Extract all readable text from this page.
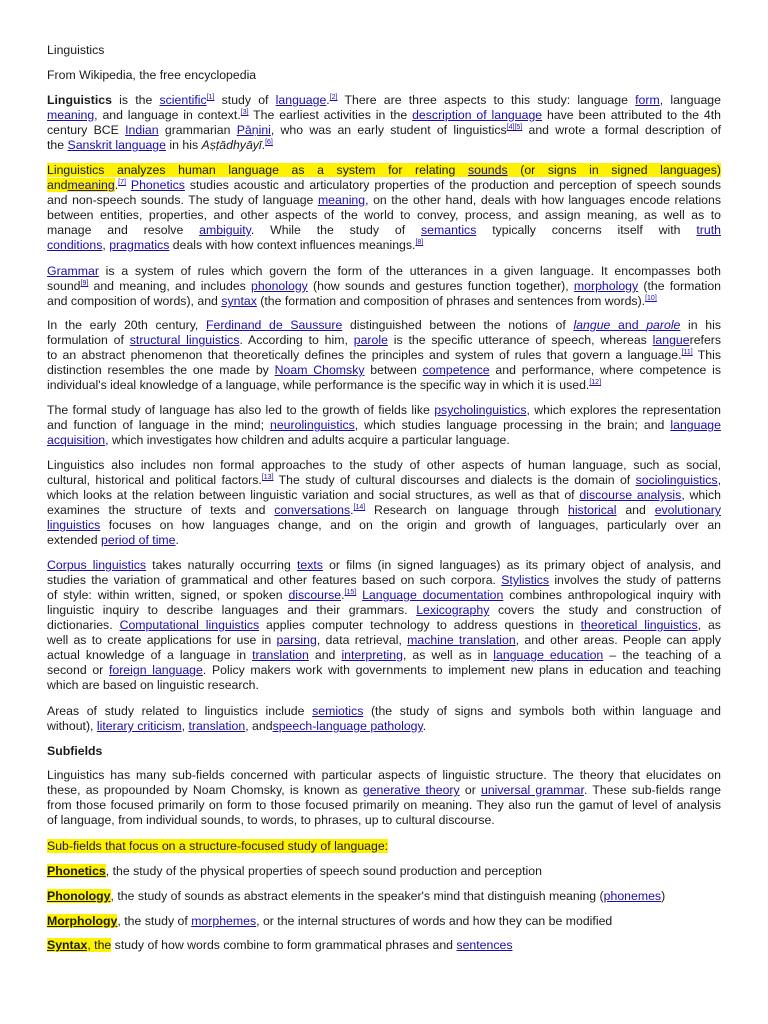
Linguistics
From Wikipedia, the free encyclopedia
Linguistics is the scientific[1] study of language.[2] There are three aspects to this study: language form, language
meaning, and language in context.[3] The earliest activities in the description of language have been attributed to the 4th
century BCE Indian grammarian Pāṇini, who was an early student of linguistics[4][5] and wrote a formal description of
the Sanskrit language in his Aṣṭādhyāyī.[6]
Linguistics analyzes human language as a system for relating sounds (or signs in signed languages)
andmeaning.[7] Phonetics studies acoustic and articulatory properties of the production and perception of speech sounds
and non-speech sounds. The study of language meaning, on the other hand, deals with how languages encode relations
between entities, properties, and other aspects of the world to convey, process, and assign meaning, as well as to
manage and resolve ambiguity. While the study of semantics typically concerns itself with truth
conditions, pragmatics deals with how context influences meanings.[8]
Grammar is a system of rules which govern the form of the utterances in a given language. It encompasses both
sound[9] and meaning, and includes phonology (how sounds and gestures function together), morphology (the formation
and composition of words), and syntax (the formation and composition of phrases and sentences from words).[10]
In the early 20th century, Ferdinand de Saussure distinguished between the notions of langue and parole in his
formulation of structural linguistics. According to him, parole is the specific utterance of speech, whereas languerefers
to an abstract phenomenon that theoretically defines the principles and system of rules that govern a language.[11] This
distinction resembles the one made by Noam Chomsky between competence and performance, where competence is
individual's ideal knowledge of a language, while performance is the specific way in which it is used.[12]
The formal study of language has also led to the growth of fields like psycholinguistics, which explores the representation
and function of language in the mind; neurolinguistics, which studies language processing in the brain; and language
acquisition, which investigates how children and adults acquire a particular language.
Linguistics also includes non formal approaches to the study of other aspects of human language, such as social,
cultural, historical and political factors.[13] The study of cultural discourses and dialects is the domain of sociolinguistics,
which looks at the relation between linguistic variation and social structures, as well as that of discourse analysis, which
examines the structure of texts and conversations.[14] Research on language through historical and evolutionary
linguistics focuses on how languages change, and on the origin and growth of languages, particularly over an
extended period of time.
Corpus linguistics takes naturally occurring texts or films (in signed languages) as its primary object of analysis, and
studies the variation of grammatical and other features based on such corpora. Stylistics involves the study of patterns
of style: within written, signed, or spoken discourse.[15] Language documentation combines anthropological inquiry with
linguistic inquiry to describe languages and their grammars. Lexicography covers the study and construction of
dictionaries. Computational linguistics applies computer technology to address questions in theoretical linguistics, as
well as to create applications for use in parsing, data retrieval, machine translation, and other areas. People can apply
actual knowledge of a language in translation and interpreting, as well as in language education – the teaching of a
second or foreign language. Policy makers work with governments to implement new plans in education and teaching
which are based on linguistic research.
Areas of study related to linguistics include semiotics (the study of signs and symbols both within language and
without), literary criticism, translation, andspeech-language pathology.
Subfields
Linguistics has many sub-fields concerned with particular aspects of linguistic structure. The theory that elucidates on
these, as propounded by Noam Chomsky, is known as generative theory or universal grammar. These sub-fields range
from those focused primarily on form to those focused primarily on meaning. They also run the gamut of level of analysis
of language, from individual sounds, to words, to phrases, up to cultural discourse.
Sub-fields that focus on a structure-focused study of language:
Phonetics, the study of the physical properties of speech sound production and perception
Phonology, the study of sounds as abstract elements in the speaker's mind that distinguish meaning (phonemes)
Morphology, the study of morphemes, or the internal structures of words and how they can be modified
Syntax, the study of how words combine to form grammatical phrases and sentences
